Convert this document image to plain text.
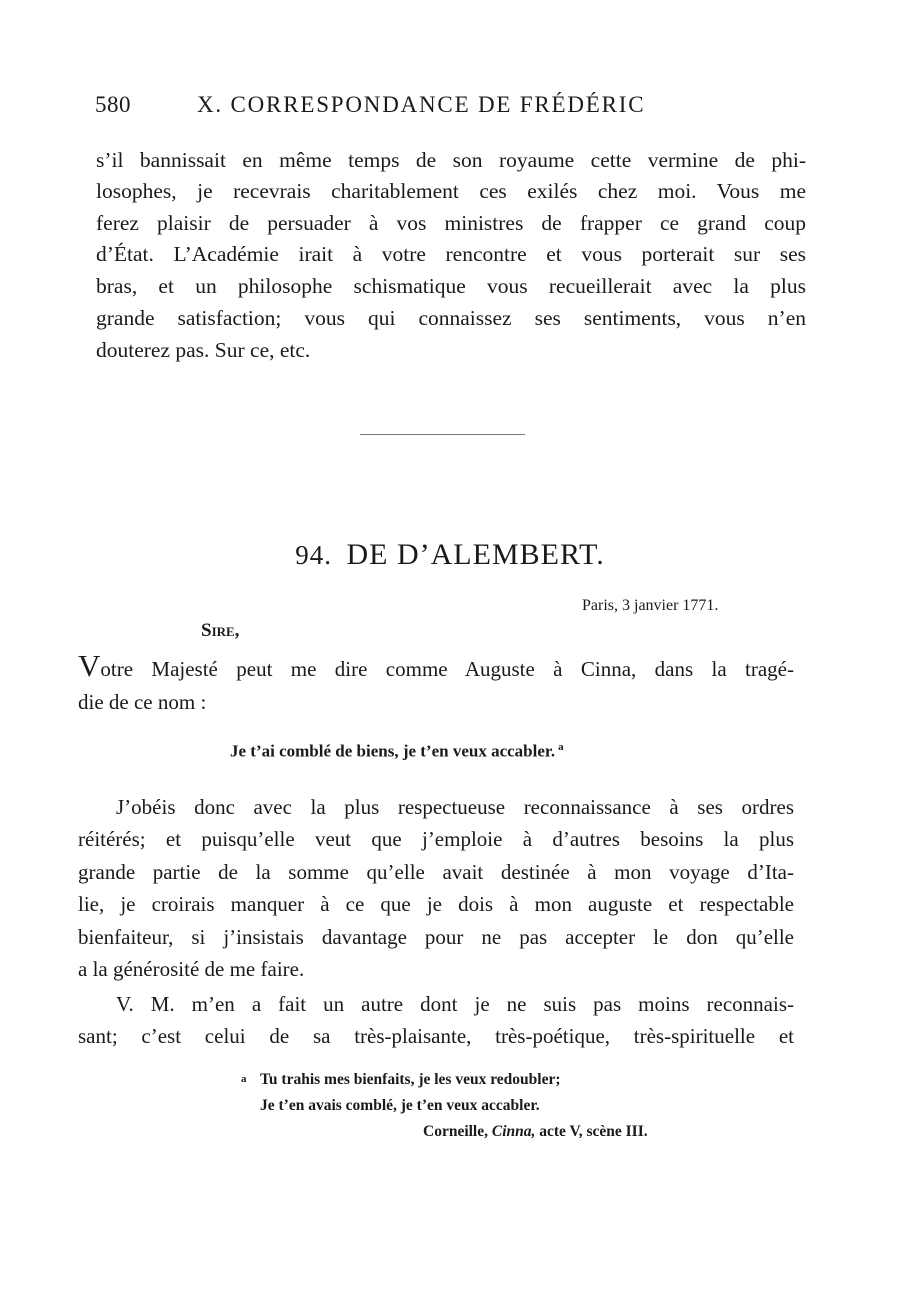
580	X. CORRESPONDANCE DE FRÉDÉRIC
s’il bannissait en même temps de son royaume cette vermine de phi-
losophes, je recevrais charitablement ces exilés chez moi. Vous me
ferez plaisir de persuader à vos ministres de frapper ce grand coup
d’État. L’Académie irait à votre rencontre et vous porterait sur ses
bras, et un philosophe schismatique vous recueillerait avec la plus
grande satisfaction; vous qui connaissez ses sentiments, vous n’en
douterez pas. Sur ce, etc.
94. DE D’ALEMBERT.
Paris, 3 janvier 1771.
Sire,
Votre Majesté peut me dire comme Auguste à Cinna, dans la tragé-
die de ce nom :
Je t’ai comblé de biens, je t’en veux accabler. $^a$
J’obéis donc avec la plus respectueuse reconnaissance à ses ordres
réitérés; et puisqu’elle veut que j’emploie à d’autres besoins la plus
grande partie de la somme qu’elle avait destinée à mon voyage d’Ita-
lie, je croirais manquer à ce que je dois à mon auguste et respectable
bienfaiteur, si j’insistais davantage pour ne pas accepter le don qu’elle
a la générosité de me faire.
V. M. m’en a fait un autre dont je ne suis pas moins reconnais-
sant; c’est celui de sa très-plaisante, très-poétique, très-spirituelle et
a Tu trahis mes bienfaits, je les veux redoubler;
Je t’en avais comblé, je t’en veux accabler.
Corneille, Cinna, acte V, scène III.
